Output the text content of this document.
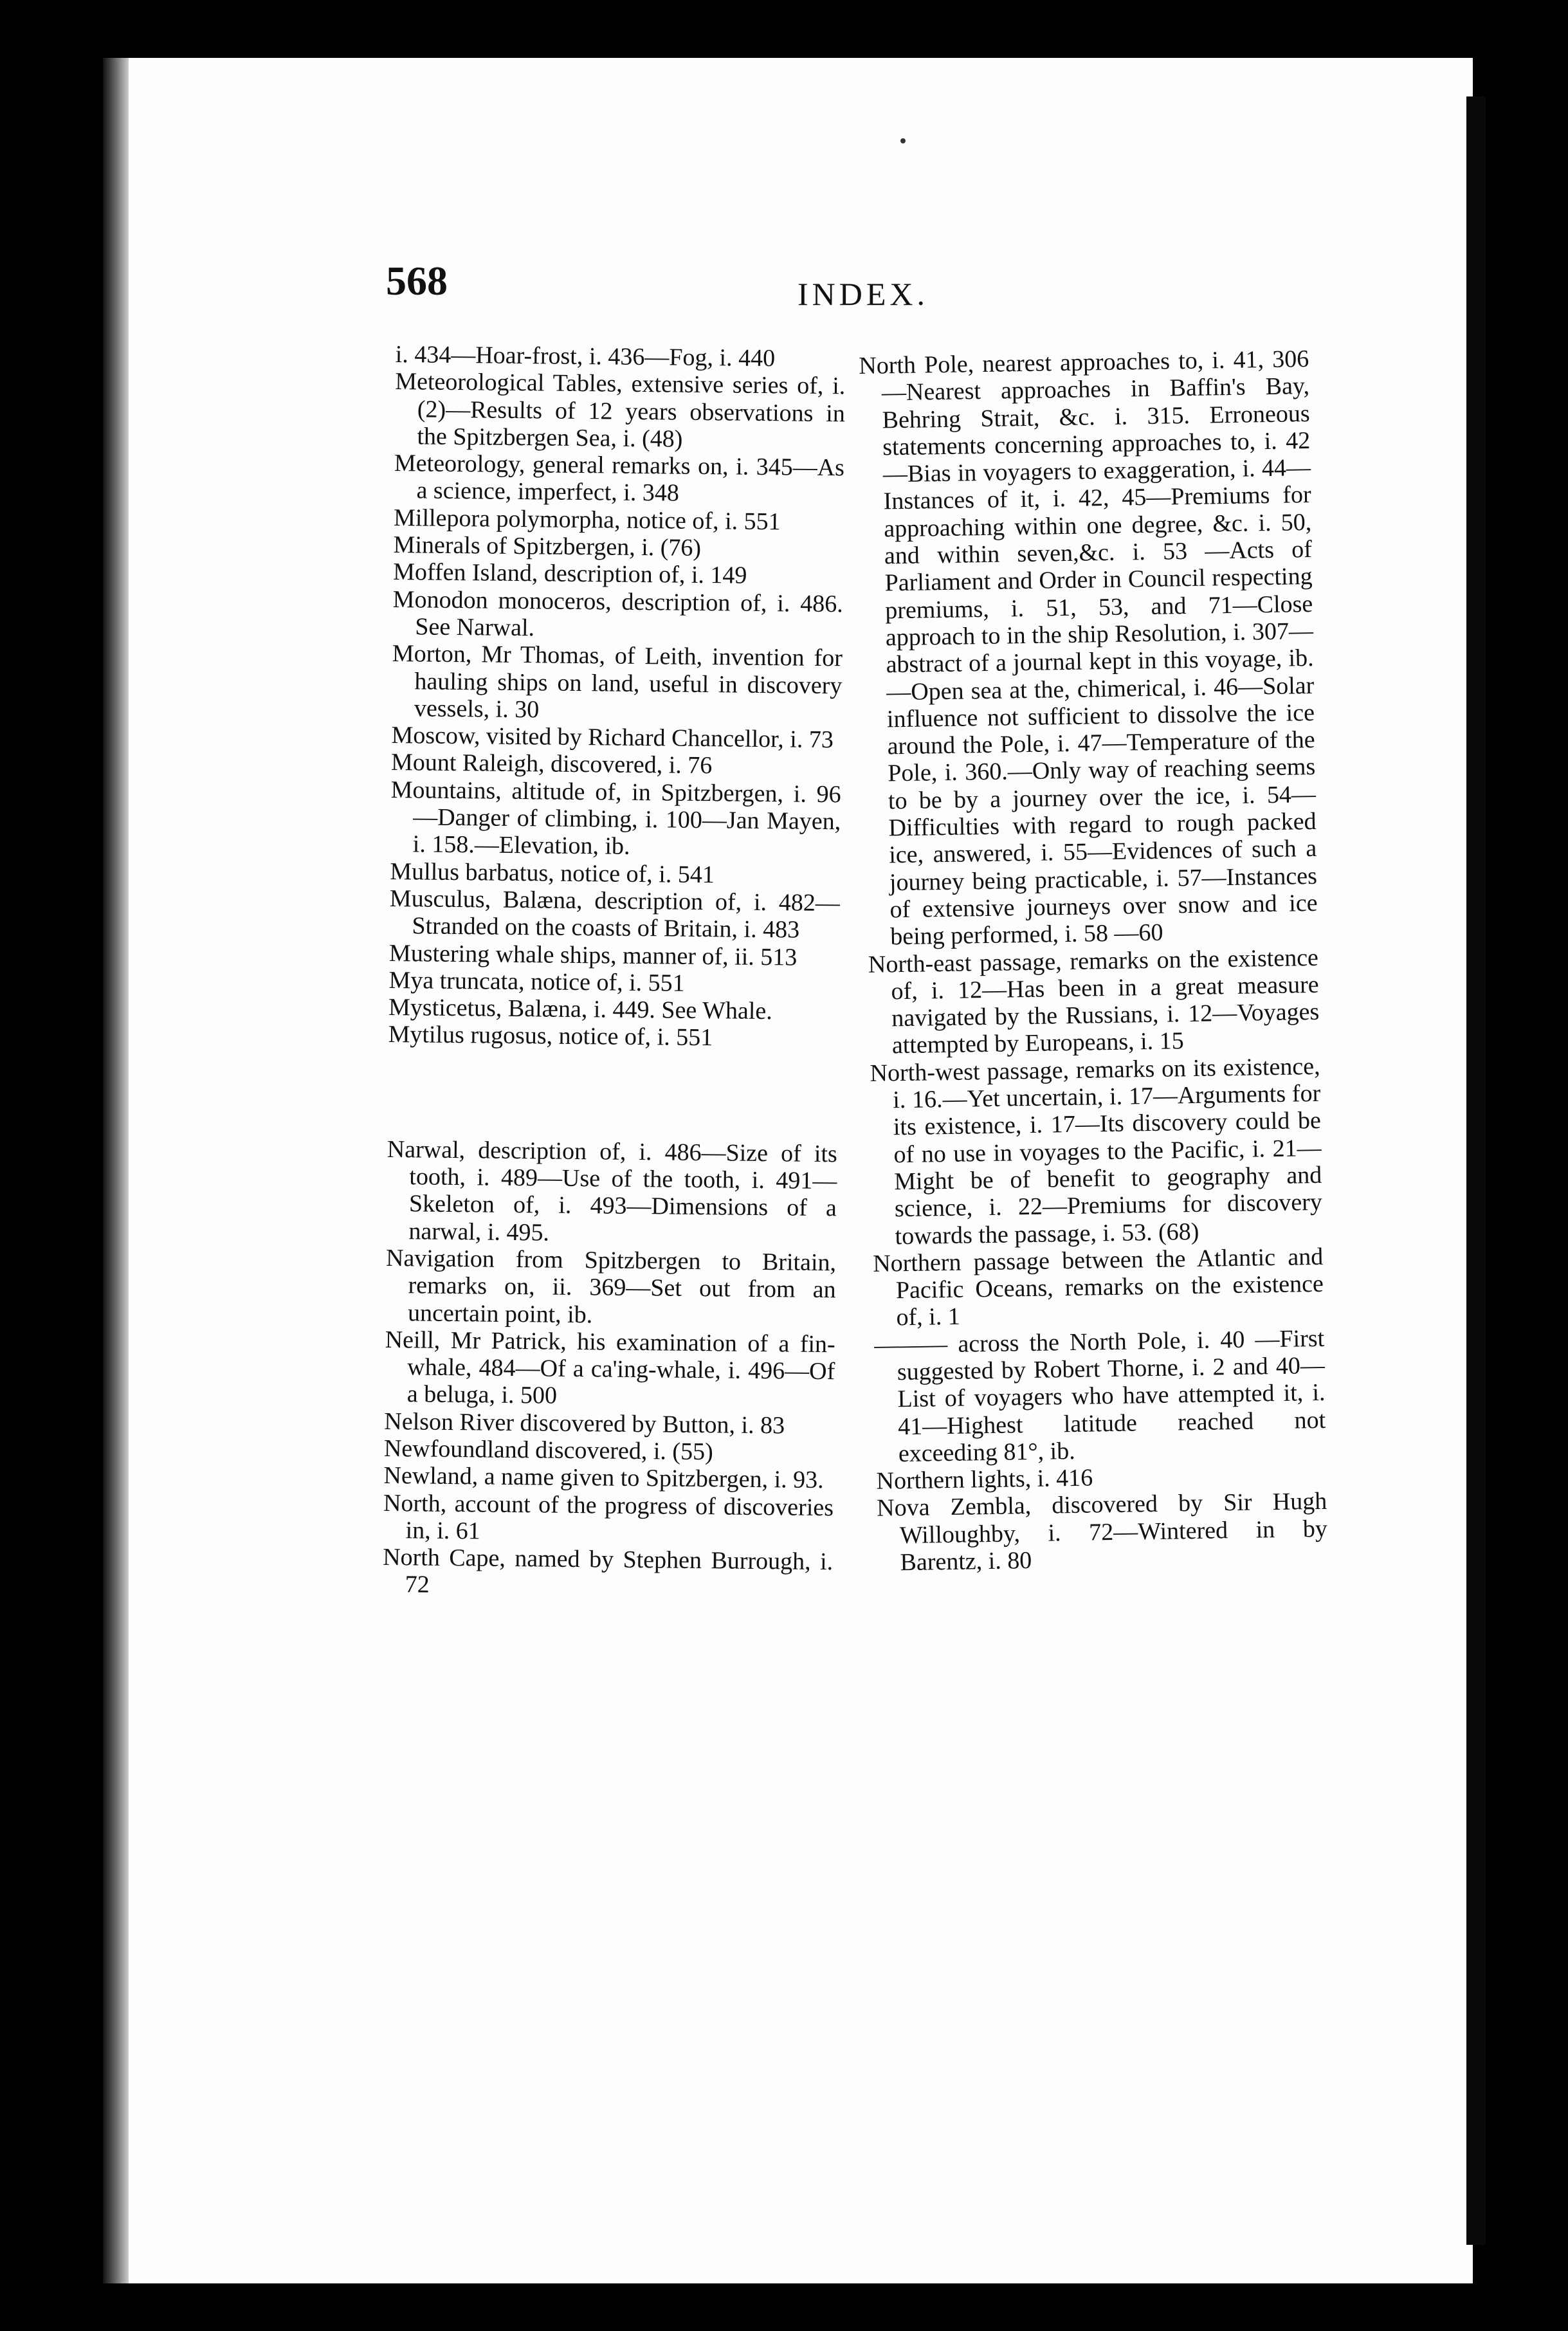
568	INDEX.

i. 434—Hoar-frost, i. 436—Fog, i. 440

Meteorological Tables, extensive series of, i. (2)—Results of 12 years observations in the Spitzbergen Sea, i. (48)

Meteorology, general remarks on, i. 345—As a science, imperfect, i. 348

Millepora polymorpha, notice of, i. 551

Minerals of Spitzbergen, i. (76)

Moffen Island, description of, i. 149

Monodon monoceros, description of, i. 486. See Narwal.

Morton, Mr Thomas, of Leith, invention for hauling ships on land, useful in discovery vessels, i. 30

Moscow, visited by Richard Chancellor, i. 73

Mount Raleigh, discovered, i. 76

Mountains, altitude of, in Spitzbergen, i. 96—Danger of climbing, i. 100—Jan Mayen, i. 158.—Elevation, ib.

Mullus barbatus, notice of, i. 541

Musculus, Balæna, description of, i. 482—Stranded on the coasts of Britain, i. 483

Mustering whale ships, manner of, ii. 513

Mya truncata, notice of, i. 551

Mysticetus, Balæna, i. 449. See Whale.

Mytilus rugosus, notice of, i. 551

Narwal, description of, i. 486—Size of its tooth, i. 489—Use of the tooth, i. 491—Skeleton of, i. 493—Dimensions of a narwal, i. 495.

Navigation from Spitzbergen to Britain, remarks on, ii. 369—Set out from an uncertain point, ib.

Neill, Mr Patrick, his examination of a fin-whale, 484—Of a ca'ing-whale, i. 496—Of a beluga, i. 500

Nelson River discovered by Button, i. 83

Newfoundland discovered, i. (55)

Newland, a name given to Spitzbergen, i. 93.

North, account of the progress of discoveries in, i. 61

North Cape, named by Stephen Burrough, i. 72

North Pole, nearest approaches to, i. 41, 306—Nearest approaches in Baffin's Bay, Behring Strait, &c. i. 315. Erroneous statements concerning approaches to, i. 42—Bias in voyagers to exaggeration, i. 44—Instances of it, i. 42, 45—Premiums for approaching within one degree, &c. i. 50, and within seven,&c. i. 53 —Acts of Parliament and Order in Council respecting premiums, i. 51, 53, and 71—Close approach to in the ship Resolution, i. 307—abstract of a journal kept in this voyage, ib.—Open sea at the, chimerical, i. 46—Solar influence not sufficient to dissolve the ice around the Pole, i. 47—Temperature of the Pole, i. 360.—Only way of reaching seems to be by a journey over the ice, i. 54—Difficulties with regard to rough packed ice, answered, i. 55—Evidences of such a journey being practicable, i. 57—Instances of extensive journeys over snow and ice being performed, i. 58 —60

North-east passage, remarks on the existence of, i. 12—Has been in a great measure navigated by the Russians, i. 12—Voyages attempted by Europeans, i. 15

North-west passage, remarks on its existence, i. 16.—Yet uncertain, i. 17—Arguments for its existence, i. 17—Its discovery could be of no use in voyages to the Pacific, i. 21—Might be of benefit to geography and science, i. 22—Premiums for discovery towards the passage, i. 53. (68)

Northern passage between the Atlantic and Pacific Oceans, remarks on the existence of, i. 1

——— across the North Pole, i. 40 —First suggested by Robert Thorne, i. 2 and 40—List of voyagers who have attempted it, i. 41—Highest latitude reached not exceeding 81°, ib.

Northern lights, i. 416

Nova Zembla, discovered by Sir Hugh Willoughby, i. 72—Wintered in by Barentz, i. 80
